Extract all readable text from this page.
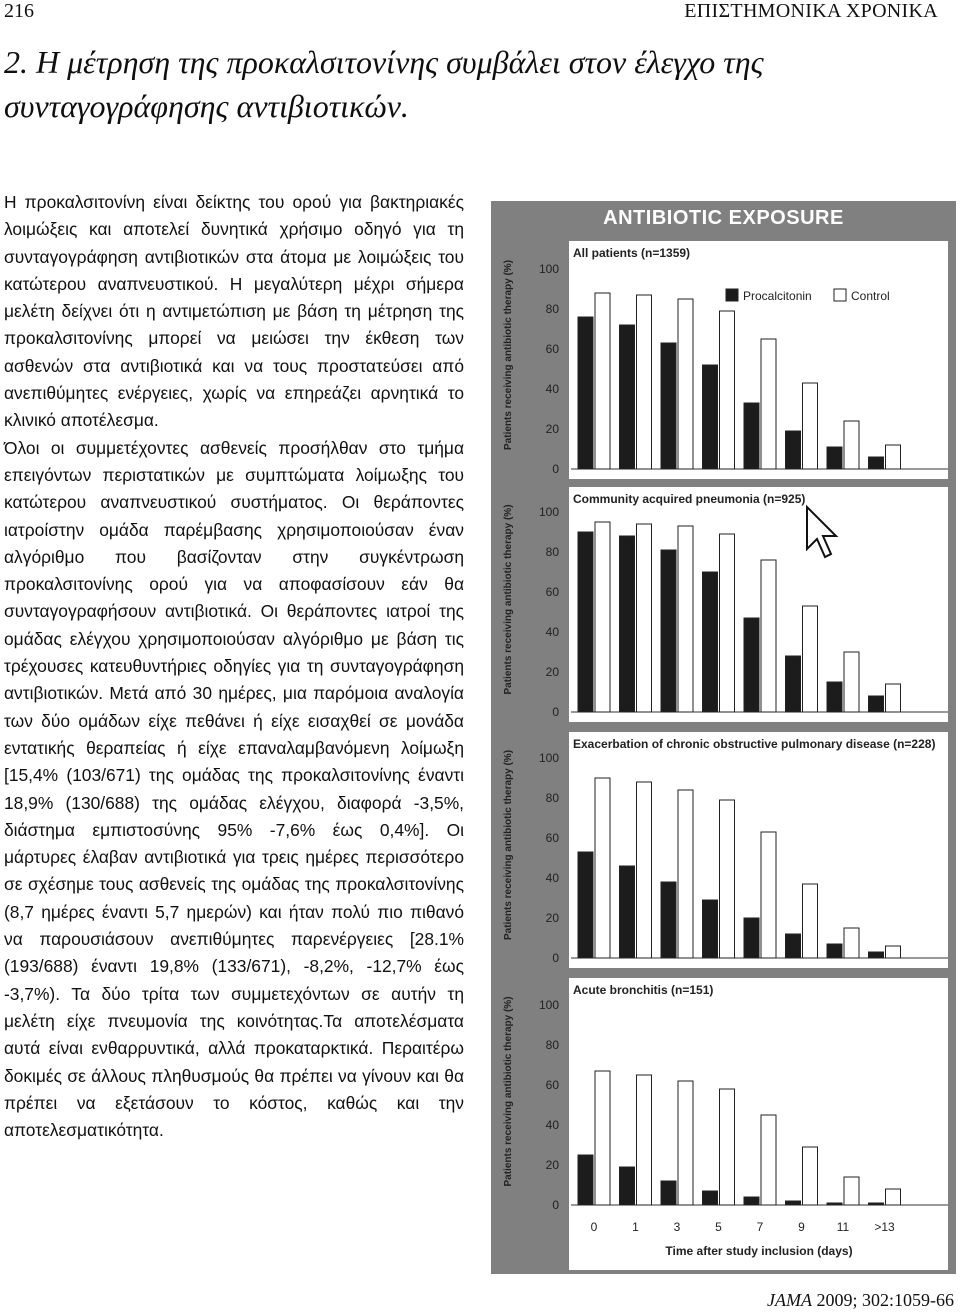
216	ΕΠΙΣΤΗΜΟΝΙΚΑ ΧΡΟΝΙΚΑ
2. Η μέτρηση της προκαλσιτονίνης συμβάλει στον έλεγχο της συνταγογράφησης αντιβιοτικών.

Η προκαλσιτονίνη είναι δείκτης του ορού για βακτηριακές λοιμώξεις και αποτελεί δυνητικά χρήσιμο οδηγό για τη συνταγογράφηση αντιβιοτικών στα άτομα με λοιμώξεις του κατώτερου αναπνευστικού. Η μεγαλύτερη μέχρι σήμερα μελέτη δείχνει ότι η αντιμετώπιση με βάση τη μέτρηση της προκαλσιτονίνης μπορεί να μειώσει την έκθεση των ασθενών στα αντιβιοτικά και να τους προστατεύσει από ανεπιθύμητες ενέργειες, χωρίς να επηρεάζει αρνητικά το κλινικό αποτέλεσμα.

Όλοι οι συμμετέχοντες ασθενείς προσήλθαν στο τμήμα επειγόντων περιστατικών με συμπτώματα λοίμωξης του κατώτερου αναπνευστικού συστήματος. Οι θεράποντες ιατροίστην ομάδα παρέμβασης χρησιμοποιούσαν έναν αλγόριθμο που βασίζονταν στην συγκέντρωση προκαλσιτονίνης ορού για να αποφασίσουν εάν θα συνταγογραφήσουν αντιβιοτικά. Οι θεράποντες ιατροί της ομάδας ελέγχου χρησιμοποιούσαν αλγόριθμο με βάση τις τρέχουσες κατευθυντήριες οδηγίες για τη συνταγογράφηση αντιβιοτικών. Μετά από 30 ημέρες, μια παρόμοια αναλογία των δύο ομάδων είχε πεθάνει ή είχε εισαχθεί σε μονάδα εντατικής θεραπείας ή είχε επαναλαμβανόμενη λοίμωξη [15,4% (103/671) της ομάδας της προκαλσιτονίνης έναντι 18,9% (130/688) της ομάδας ελέγχου, διαφορά -3,5%, διάστημα εμπιστοσύνης 95% -7,6% έως 0,4%]. Οι μάρτυρες έλαβαν αντιβιοτικά για τρεις ημέρες περισσότερο σε σχέσημε τους ασθενείς της ομάδας της προκαλσιτονίνης (8,7 ημέρες έναντι 5,7 ημερών) και ήταν πολύ πιο πιθανό να παρουσιάσουν ανεπιθύμητες παρενέργειες [28.1% (193/688) έναντι 19,8% (133/671), -8,2%, -12,7% έως -3,7%). Τα δύο τρίτα των συμμετεχόντων σε αυτήν τη μελέτη είχε πνευμονία της κοινότητας.Τα αποτελέσματα αυτά είναι ενθαρρυντικά, αλλά προκαταρκτικά. Περαιτέρω δοκιμές σε άλλους πληθυσμούς θα πρέπει να γίνουν και θα πρέπει να εξετάσουν το κόστος, καθώς και την αποτελεσματικότητα.

ANTIBIOTIC EXPOSURE
All patients (n=1359)
0
20
40
60
80
100
Patients receiving antibiotic therapy (%)	Procalcitonin	Control
Community acquired pneumonia (n=925)
0
20
40
60
80
100
Patients receiving antibiotic therapy (%)
Exacerbation of chronic obstructive pulmonary disease (n=228)
0
20
40
60
80
100
Patients receiving antibiotic therapy (%)
Acute bronchitis (n=151)
0
20
40
60
80
100
Patients receiving antibiotic therapy (%)
0	1	3	5	7	9	11 >13
Time after study inclusion (days)
JAMA 2009; 302:1059-66
